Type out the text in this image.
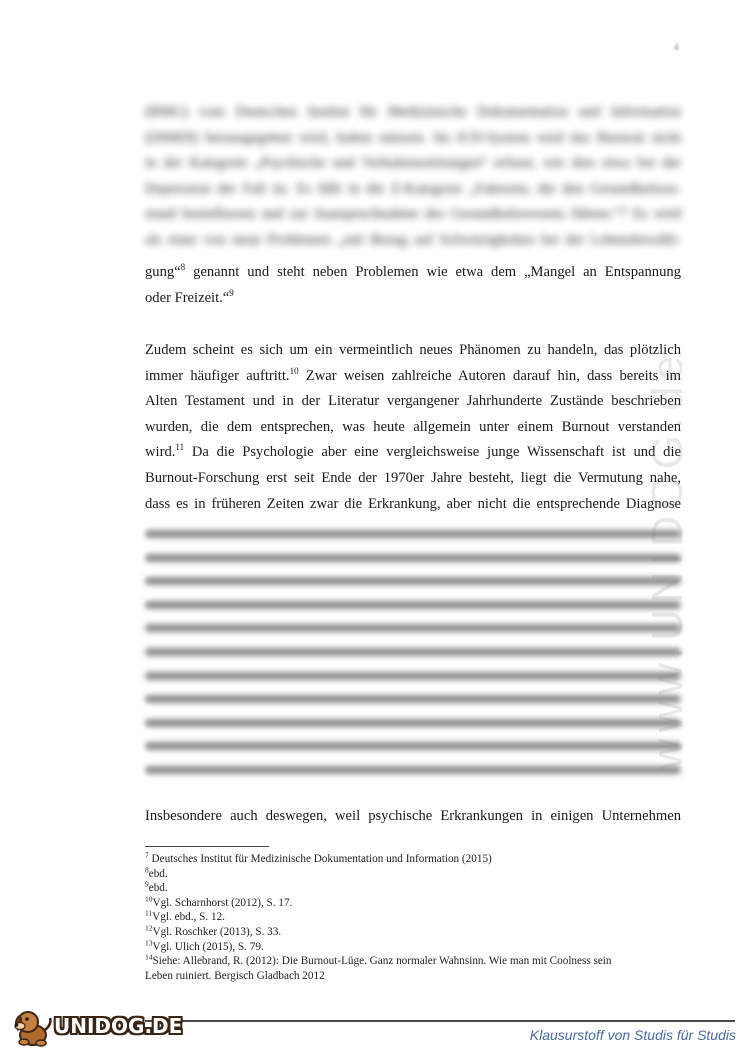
4
(BMG) vom Deutschen Institut für Medizinische Dokumentation und Information
(DIMDI) herausgegeben wird, halten müssen. Im ICD-System wird das Burnout nicht
in der Kategorie „Psychische und Verhaltensstörungen“ erfasst, wie dies etwa bei der
Depression der Fall ist. Es fällt in die Z-Kategorie „Faktoren, die den Gesundheitszu-
stand beeinflussen und zur Inanspruchnahme des Gesundheitswesens führen.“7 Es wird
als einer von neun Problemen „mit Bezug auf Schwierigkeiten bei der Lebensbewälti-
gung“$^8$ genannt und steht neben Problemen wie etwa dem „Mangel an Entspannung
oder Freizeit.“$^9$
Zudem scheint es sich um ein vermeintlich neues Phänomen zu handeln, das plötzlich
immer häufiger auftritt.$^{10}$ Zwar weisen zahlreiche Autoren darauf hin, dass bereits im
Alten Testament und in der Literatur vergangener Jahrhunderte Zustände beschrieben
wurden, die dem entsprechen, was heute allgemein unter einem Burnout verstanden
wird.$^{11}$ Da die Psychologie aber eine vergleichsweise junge Wissenschaft ist und die
Burnout-Forschung erst seit Ende der 1970er Jahre besteht, liegt die Vermutung nahe,
dass es in früheren Zeiten zwar die Erkrankung, aber nicht die entsprechende Diagnose
Insbesondere auch deswegen, weil psychische Erkrankungen in einigen Unternehmen
$^7$ Deutsches Institut für Medizinische Dokumentation und Information (2015)
$^8$ebd.
$^9$ebd.
$^{10}$Vgl. Scharnhorst (2012), S. 17.
$^{11}$Vgl. ebd., S. 12.
$^{12}$Vgl. Roschker (2013), S. 33.
$^{13}$Vgl. Ulich (2015), S. 79.
$^{14}$Siehe: Allebrand, R. (2012): Die Burnout-Lüge. Ganz normaler Wahnsinn. Wie man mit Coolness sein
Leben ruiniert. Bergisch Gladbach 2012
www.UNIDOG.de
UNIDOG.DE	Klausurstoff von Studis für Studis
